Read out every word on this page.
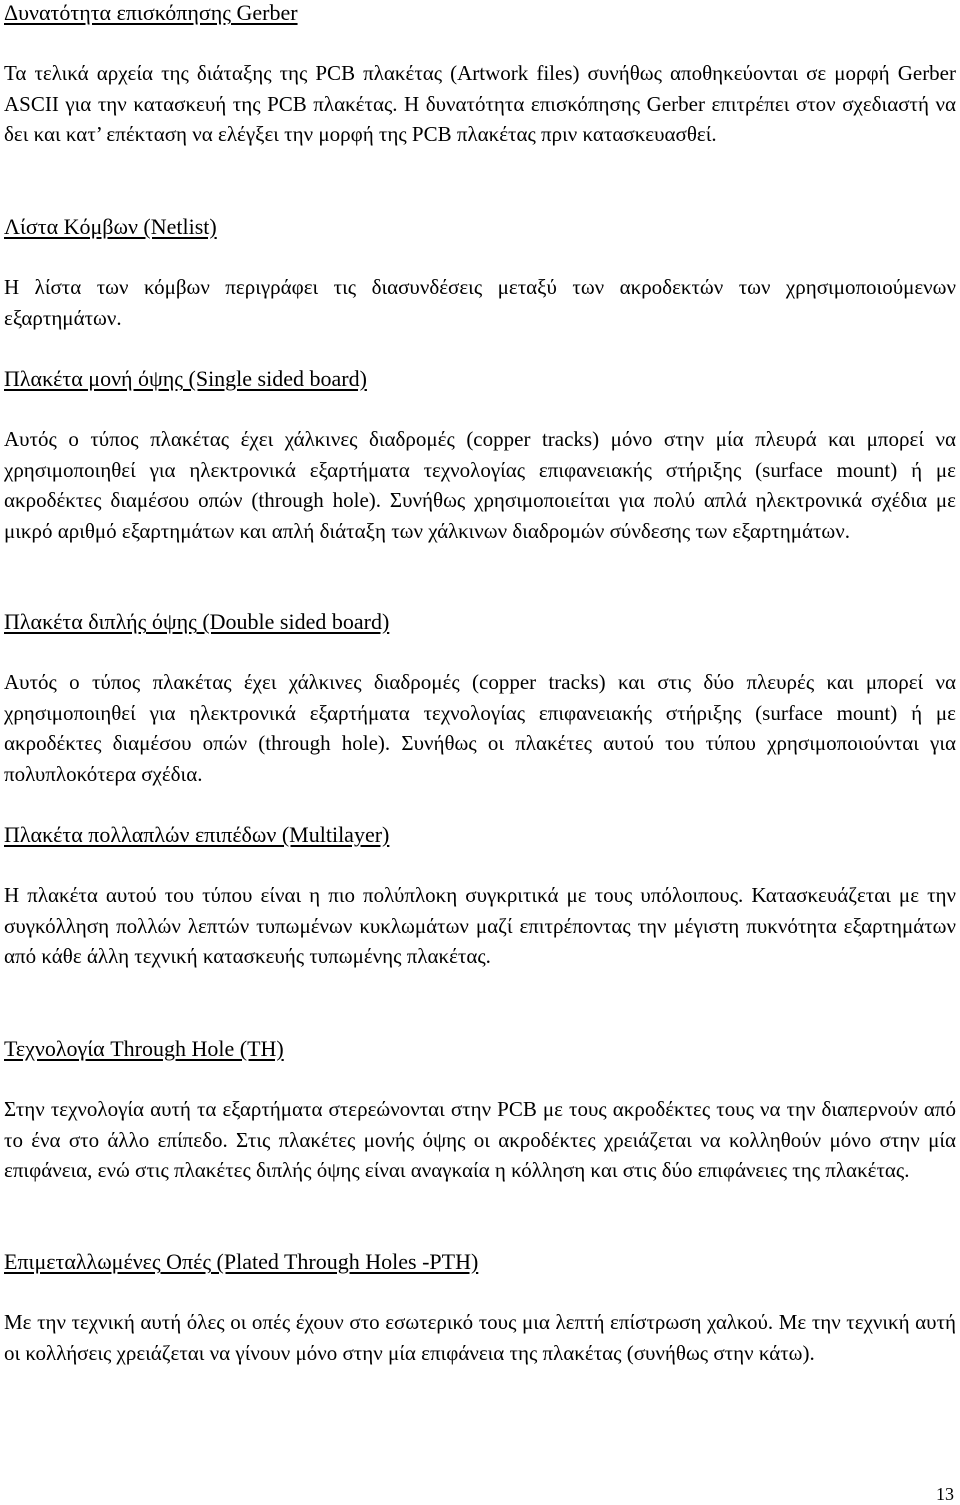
Δυνατότητα επισκόπησης Gerber
Τα τελικά αρχεία της διάταξης της PCB πλακέτας (Artwork files) συνήθως αποθηκεύονται σε μορφή Gerber ASCII για την κατασκευή της PCB πλακέτας. Η δυνατότητα επισκόπησης Gerber επιτρέπει στον σχεδιαστή να δει και κατ’ επέκταση να ελέγξει την μορφή της PCB πλακέτας πριν κατασκευασθεί.
Λίστα Κόμβων (Netlist)
Η λίστα των κόμβων περιγράφει τις διασυνδέσεις μεταξύ των ακροδεκτών των χρησιμοποιούμενων εξαρτημάτων.
Πλακέτα μονή όψης (Single sided board)
Αυτός ο τύπος πλακέτας έχει χάλκινες διαδρομές (copper tracks) μόνο στην μία πλευρά και μπορεί να χρησιμοποιηθεί για ηλεκτρονικά εξαρτήματα τεχνολογίας επιφανειακής στήριξης (surface mount) ή με ακροδέκτες διαμέσου οπών (through hole). Συνήθως χρησιμοποιείται για πολύ απλά ηλεκτρονικά σχέδια με μικρό αριθμό εξαρτημάτων και απλή διάταξη των χάλκινων διαδρομών σύνδεσης των εξαρτημάτων.
Πλακέτα διπλής όψης (Double sided board)
Αυτός ο τύπος πλακέτας έχει χάλκινες διαδρομές (copper tracks) και στις δύο πλευρές και μπορεί να χρησιμοποιηθεί για ηλεκτρονικά εξαρτήματα τεχνολογίας επιφανειακής στήριξης (surface mount) ή με ακροδέκτες διαμέσου οπών (through hole). Συνήθως οι πλακέτες αυτού του τύπου χρησιμοποιούνται για πολυπλοκότερα σχέδια.
Πλακέτα πολλαπλών επιπέδων (Multilayer)
Η πλακέτα αυτού του τύπου είναι η πιο πολύπλοκη συγκριτικά με τους υπόλοιπους. Κατασκευάζεται με την συγκόλληση πολλών λεπτών τυπωμένων κυκλωμάτων μαζί επιτρέποντας την μέγιστη πυκνότητα εξαρτημάτων από κάθε άλλη τεχνική κατασκευής τυπωμένης πλακέτας.
Τεχνολογία Through Hole (TH)
Στην τεχνολογία αυτή τα εξαρτήματα στερεώνονται στην PCB με τους ακροδέκτες τους να την διαπερνούν από το ένα στο άλλο επίπεδο. Στις πλακέτες μονής όψης οι ακροδέκτες χρειάζεται να κολληθούν μόνο στην μία επιφάνεια, ενώ στις πλακέτες διπλής όψης είναι αναγκαία η κόλληση και στις δύο επιφάνειες της πλακέτας.
Επιμεταλλωμένες Οπές (Plated Through Holes -PTH)
Με την τεχνική αυτή όλες οι οπές έχουν στο εσωτερικό τους μια λεπτή επίστρωση χαλκού. Με την τεχνική αυτή οι κολλήσεις χρειάζεται να γίνουν μόνο στην μία επιφάνεια της πλακέτας (συνήθως στην κάτω).
13
